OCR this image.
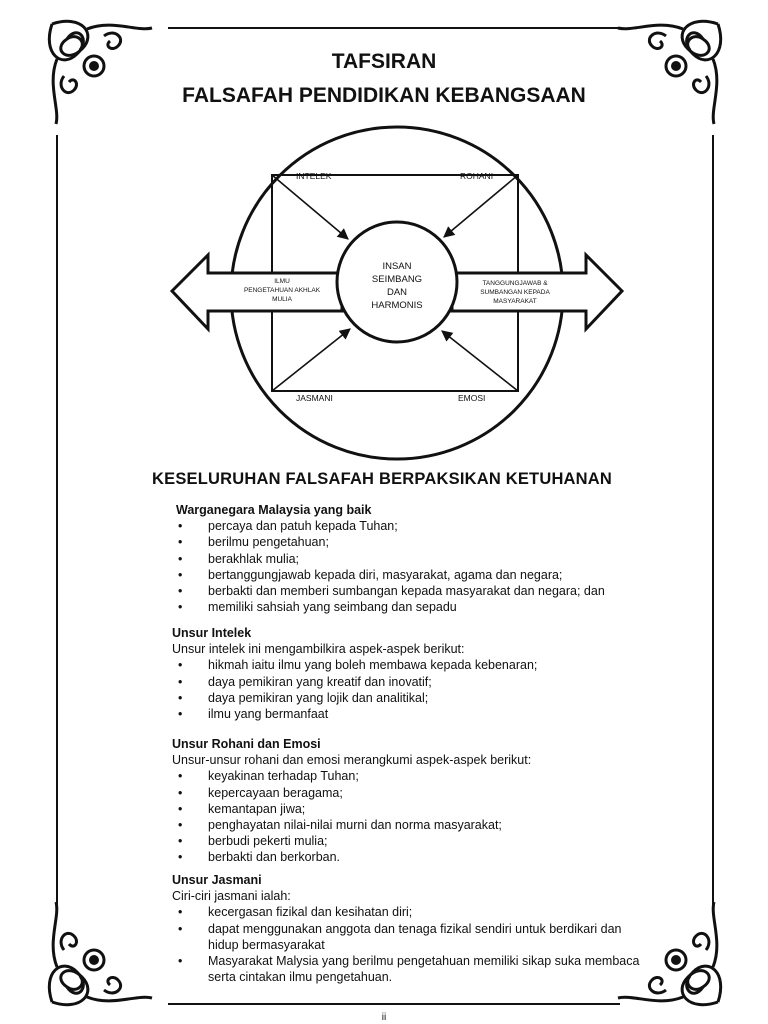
TAFSIRAN
FALSAFAH PENDIDIKAN KEBANGSAAN
INTELEK	ROHANI
JASMANI	EMOSI
INSAN
SEIMBANG
DAN
HARMONIS
ILMU
PENGETAHUAN AKHLAK
MULIA
TANGGUNGJAWAB &
SUMBANGAN KEPADA
MASYARAKAT
KESELURUHAN FALSAFAH BERPAKSIKAN KETUHANAN
Warganegara Malaysia yang baik
• percaya dan patuh kepada Tuhan;
• berilmu pengetahuan;
• berakhlak mulia;
• bertanggungjawab kepada diri, masyarakat, agama dan negara;
• berbakti dan memberi sumbangan kepada masyarakat dan negara; dan
• memiliki sahsiah yang seimbang dan sepadu
Unsur Intelek
Unsur intelek ini mengambilkira aspek-aspek berikut:
• hikmah iaitu ilmu yang boleh membawa kepada kebenaran;
• daya pemikiran yang kreatif dan inovatif;
• daya pemikiran yang lojik dan analitikal;
• ilmu yang bermanfaat
Unsur Rohani dan Emosi
Unsur-unsur rohani dan emosi merangkumi aspek-aspek berikut:
• keyakinan terhadap Tuhan;
• kepercayaan beragama;
• kemantapan jiwa;
• penghayatan nilai-nilai murni dan norma masyarakat;
• berbudi pekerti mulia;
• berbakti dan berkorban.
Unsur Jasmani
Ciri-ciri jasmani ialah:
• kecergasan fizikal dan kesihatan diri;
• dapat menggunakan anggota dan tenaga fizikal sendiri untuk berdikari dan hidup bermasyarakat
• Masyarakat Malysia yang berilmu pengetahuan memiliki sikap suka membaca serta cintakan ilmu pengetahuan.
ii
